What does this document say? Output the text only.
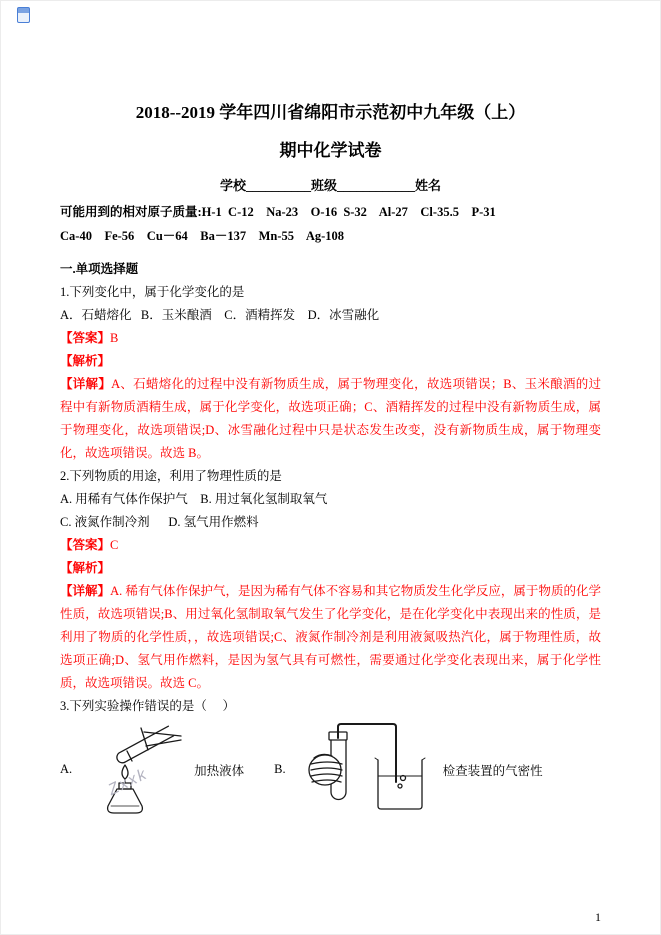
2018--2019 学年四川省绵阳市示范初中九年级（上）
期中化学试卷
学校__________班级____________姓名
可能用到的相对原子质量:H-1  C-12    Na-23    O-16  S-32    Al-27    Cl-35.5    P-31
Ca-40    Fe-56    Cu－64    Ba－137    Mn-55    Ag-108
一.单项选择题

1.下列变化中，属于化学变化的是

A．石蜡熔化   B．玉米酿酒    C．酒精挥发    D．冰雪融化

【答案】B

【解析】

【详解】A、石蜡熔化的过程中没有新物质生成，属于物理变化，故选项错误；B、玉米酿酒的过程中有新物质酒精生成，属于化学变化，故选项正确；C、酒精挥发的过程中没有新物质生成，属于物理变化，故选项错误;D、冰雪融化过程中只是状态发生改变，没有新物质生成，属于物理变化，故选项错误。故选 B。

2.下列物质的用途，利用了物理性质的是

A. 用稀有气体作保护气    B. 用过氧化氢制取氧气

C. 液氮作制冷剂      D. 氢气用作燃料

【答案】C

【解析】

【详解】A. 稀有气体作保护气，是因为稀有气体不容易和其它物质发生化学反应，属于物质的化学性质，故选项错误;B、用过氧化氢制取氧气发生了化学变化，是在化学变化中表现出来的性质，是利用了物质的化学性质，，故选项错误;C、液氮作制冷剂是利用液氮吸热汽化，属于物理性质，故选项正确;D、氢气用作燃料，是因为氢气具有可燃性，需要通过化学变化表现出来，属于化学性质，故选项错误。故选 C。

3.下列实验操作错误的是（     ）

A. Zxxk	加热液体 B.	检查装置的气密性
1
